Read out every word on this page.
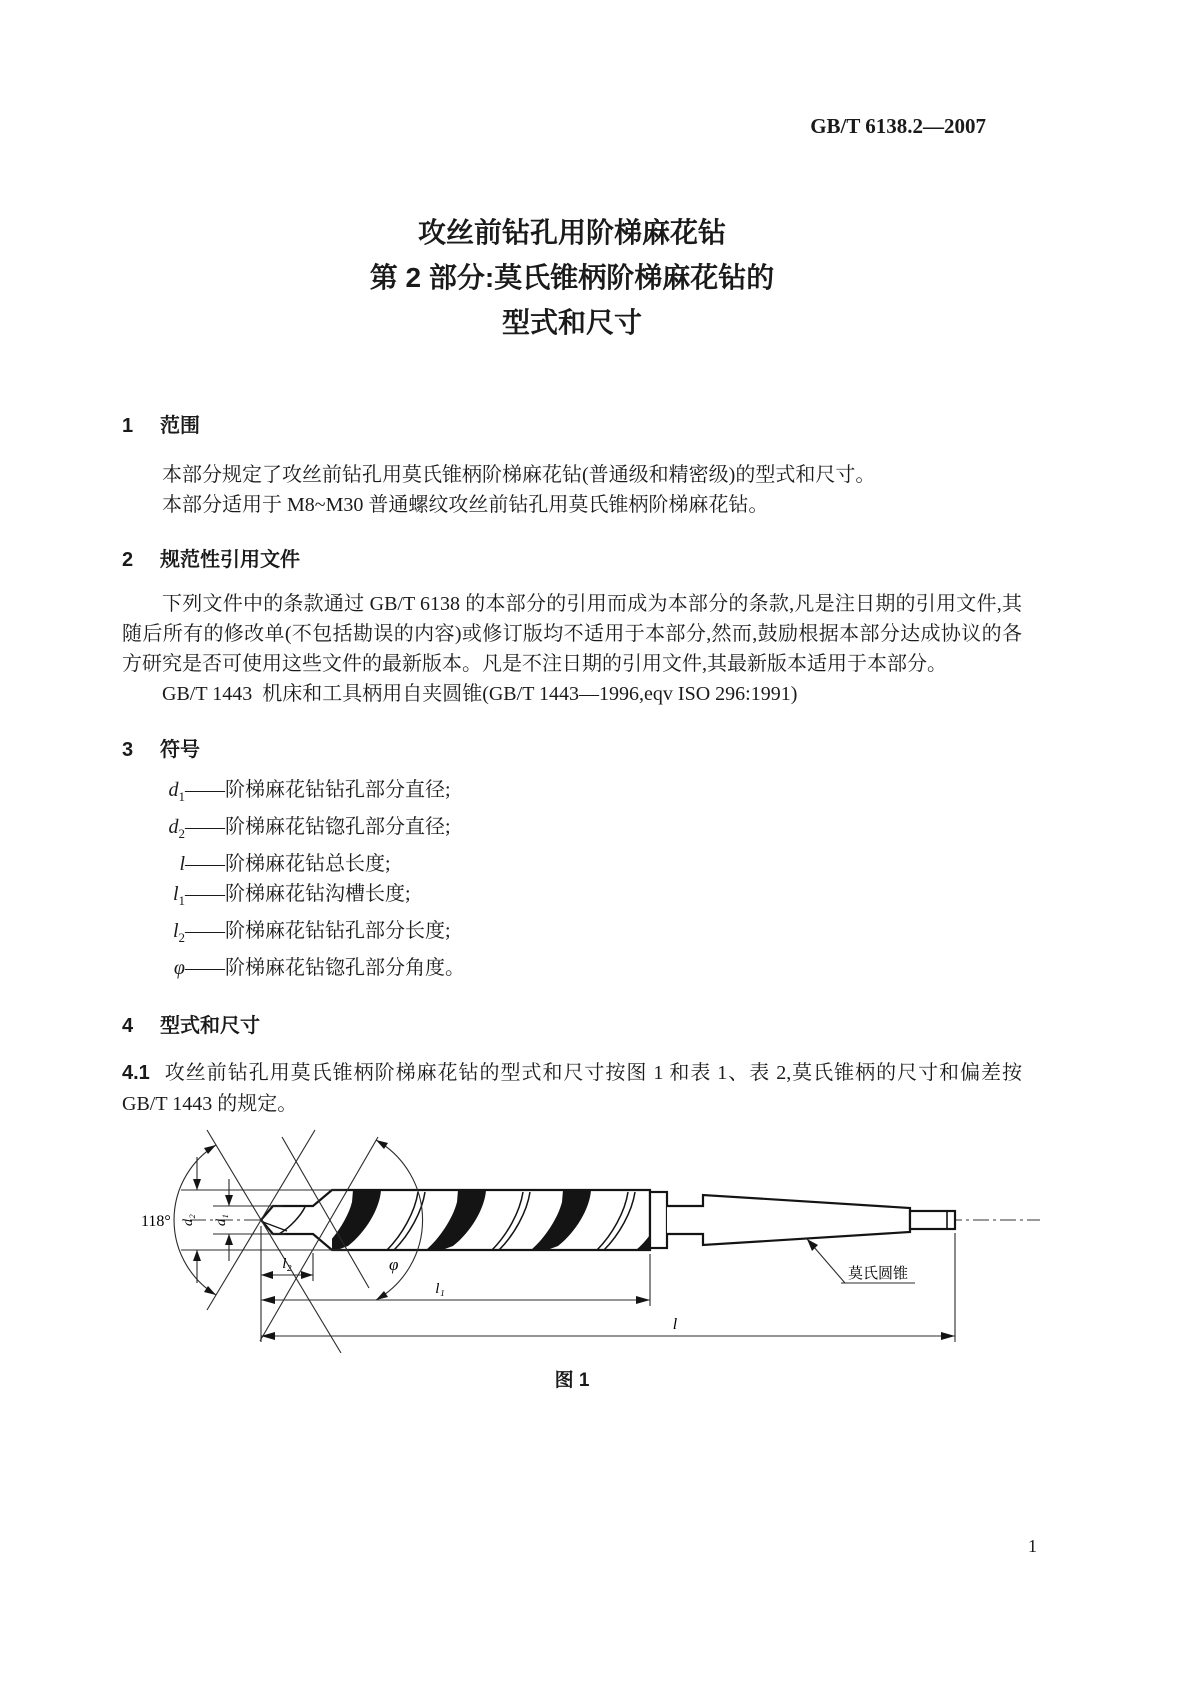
GB/T 6138.2—2007
攻丝前钻孔用阶梯麻花钻
第 2 部分:莫氏锥柄阶梯麻花钻的
型式和尺寸
1 范围

本部分规定了攻丝前钻孔用莫氏锥柄阶梯麻花钻(普通级和精密级)的型式和尺寸。

本部分适用于 M8~M30 普通螺纹攻丝前钻孔用莫氏锥柄阶梯麻花钻。

2 规范性引用文件

下列文件中的条款通过 GB/T 6138 的本部分的引用而成为本部分的条款,凡是注日期的引用文件,其随后所有的修改单(不包括勘误的内容)或修订版均不适用于本部分,然而,鼓励根据本部分达成协议的各方研究是否可使用这些文件的最新版本。凡是不注日期的引用文件,其最新版本适用于本部分。

GB/T 1443  机床和工具柄用自夹圆锥(GB/T 1443—1996,eqv ISO 296:1991)

3 符号
$d_1$ ——阶梯麻花钻钻孔部分直径;
$d_2$ ——阶梯麻花钻锪孔部分直径;
l ——阶梯麻花钻总长度;
$l_1$ ——阶梯麻花钻沟槽长度;
$l_2$ ——阶梯麻花钻钻孔部分长度;
φ ——阶梯麻花钻锪孔部分角度。
4 型式和尺寸

4.1 攻丝前钻孔用莫氏锥柄阶梯麻花钻的型式和尺寸按图 1 和表 1、表 2,莫氏锥柄的尺寸和偏差按 GB/T 1443 的规定。

118°
φ
d₂ d₁
l₂
l₁
l
莫氏圆锥
图 1
1
